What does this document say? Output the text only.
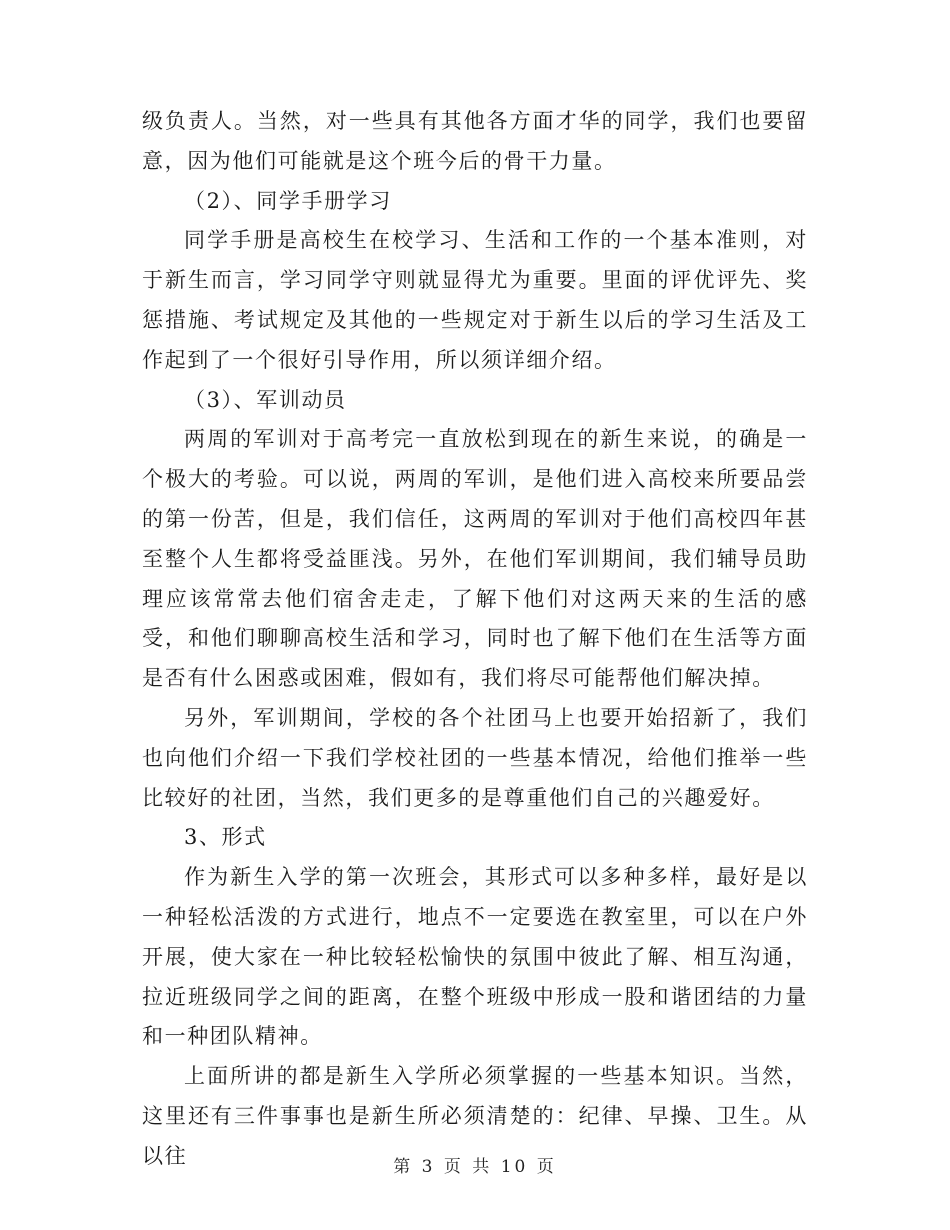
级负责人。当然，对一些具有其他各方面才华的同学，我们也要留意，因为他们可能就是这个班今后的骨干力量。

（2）、同学手册学习

同学手册是高校生在校学习、生活和工作的一个基本准则，对于新生而言，学习同学守则就显得尤为重要。里面的评优评先、奖惩措施、考试规定及其他的一些规定对于新生以后的学习生活及工作起到了一个很好引导作用，所以须详细介绍。

（3）、军训动员

两周的军训对于高考完一直放松到现在的新生来说，的确是一个极大的考验。可以说，两周的军训，是他们进入高校来所要品尝的第一份苦，但是，我们信任，这两周的军训对于他们高校四年甚至整个人生都将受益匪浅。另外，在他们军训期间，我们辅导员助理应该常常去他们宿舍走走，了解下他们对这两天来的生活的感受，和他们聊聊高校生活和学习，同时也了解下他们在生活等方面是否有什么困惑或困难，假如有，我们将尽可能帮他们解决掉。

另外，军训期间，学校的各个社团马上也要开始招新了，我们也向他们介绍一下我们学校社团的一些基本情况，给他们推举一些比较好的社团，当然，我们更多的是尊重他们自己的兴趣爱好。

3、形式

作为新生入学的第一次班会，其形式可以多种多样，最好是以一种轻松活泼的方式进行，地点不一定要选在教室里，可以在户外开展，使大家在一种比较轻松愉快的氛围中彼此了解、相互沟通，拉近班级同学之间的距离，在整个班级中形成一股和谐团结的力量和一种团队精神。

上面所讲的都是新生入学所必须掌握的一些基本知识。当然，这里还有三件事事也是新生所必须清楚的：纪律、早操、卫生。从以往	第 3 页 共 10 页
